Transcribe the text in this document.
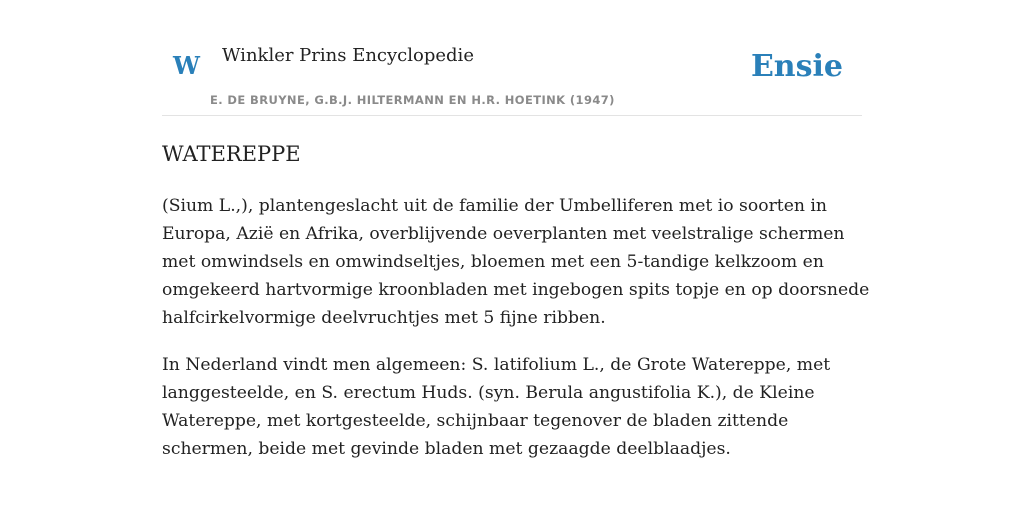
W Winkler Prins Encyclopedie
E. DE BRUYNE, G.B.J. HILTERMANN EN H.R. HOETINK (1947)
Ensie
WATEREPPE

(Sium L.,), plantengeslacht uit de familie der Umbelliferen met io soorten in Europa, Azië en Afrika, overblijvende oeverplanten met veelstralige schermen met omwindsels en omwindseltjes, bloemen met een 5-tandige kelkzoom en omgekeerd hartvormige kroonbladen met ingebogen spits topje en op doorsnede halfcirkelvormige deelvruchtjes met 5 fijne ribben.

In Nederland vindt men algemeen: S. latifolium L., de Grote Watereppe, met langgesteelde, en S. erectum Huds. (syn. Berula angustifolia K.), de Kleine Watereppe, met kortgesteelde, schijnbaar tegenover de bladen zittende schermen, beide met gevinde bladen met gezaagde deelblaadjes.
